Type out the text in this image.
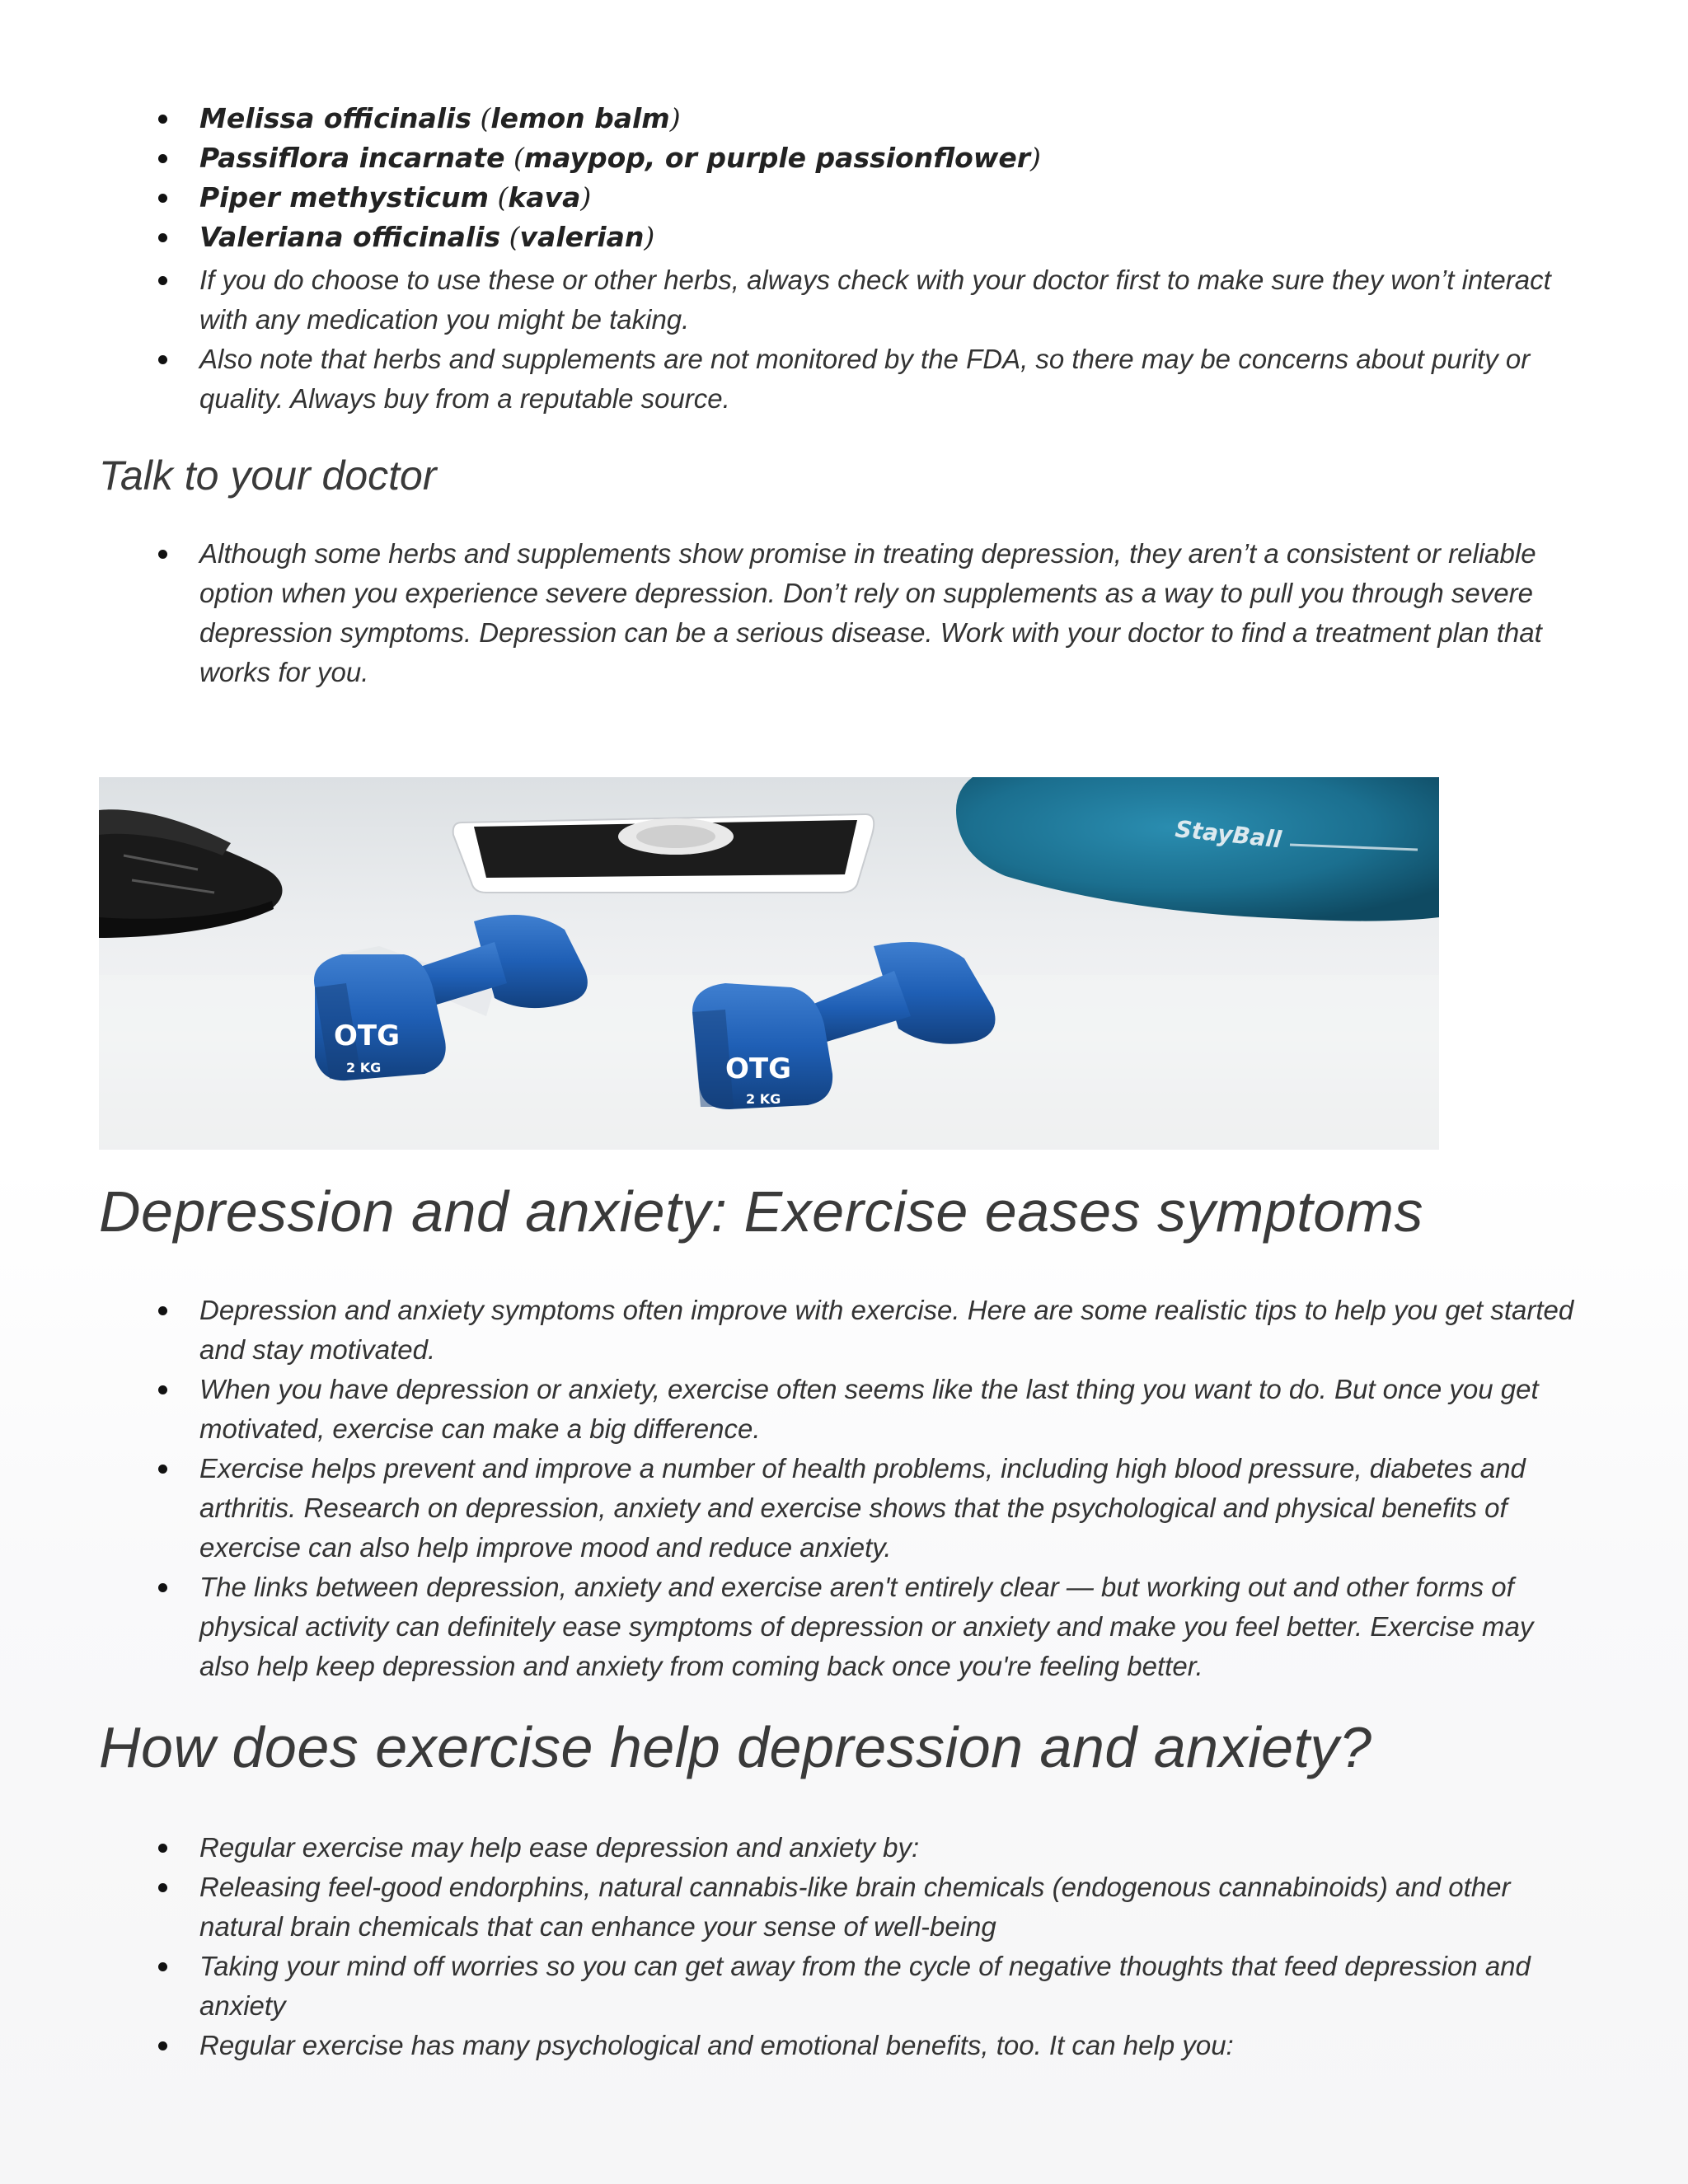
Melissa officinalis (lemon balm)
Passiflora incarnate (maypop, or purple passionflower)
Piper methysticum (kava)
Valeriana officinalis (valerian)
If you do choose to use these or other herbs, always check with your doctor first to make sure they won’t interact with any medication you might be taking.
Also note that herbs and supplements are not monitored by the FDA, so there may be concerns about purity or quality. Always buy from a reputable source.
Talk to your doctor
Although some herbs and supplements show promise in treating depression, they aren’t a consistent or reliable option when you experience severe depression. Don’t rely on supplements as a way to pull you through severe depression symptoms. Depression can be a serious disease. Work with your doctor to find a treatment plan that works for you.
StayBall
OTG
2 KG	OTG
2 KG
Depression and anxiety: Exercise eases symptoms
Depression and anxiety symptoms often improve with exercise. Here are some realistic tips to help you get started and stay motivated.
When you have depression or anxiety, exercise often seems like the last thing you want to do. But once you get motivated, exercise can make a big difference.
Exercise helps prevent and improve a number of health problems, including high blood pressure, diabetes and arthritis. Research on depression, anxiety and exercise shows that the psychological and physical benefits of exercise can also help improve mood and reduce anxiety.
The links between depression, anxiety and exercise aren't entirely clear — but working out and other forms of physical activity can definitely ease symptoms of depression or anxiety and make you feel better. Exercise may also help keep depression and anxiety from coming back once you're feeling better.
How does exercise help depression and anxiety?
Regular exercise may help ease depression and anxiety by:
Releasing feel-good endorphins, natural cannabis-like brain chemicals (endogenous cannabinoids) and other natural brain chemicals that can enhance your sense of well-being
Taking your mind off worries so you can get away from the cycle of negative thoughts that feed depression and anxiety
Regular exercise has many psychological and emotional benefits, too. It can help you:
